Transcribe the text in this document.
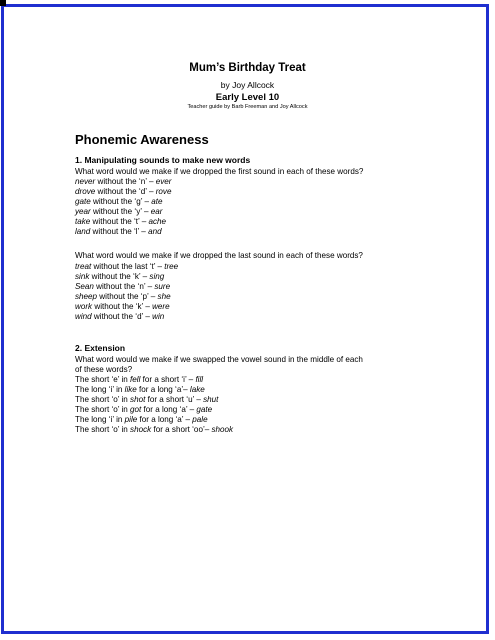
Mum’s Birthday Treat
by Joy Allcock
Early Level 10
Teacher guide by Barb Freeman and Joy Allcock
Phonemic Awareness
1. Manipulating sounds to make new words
What word would we make if we dropped the first sound in each of these words?
never without the ‘n’ – ever
drove without the ‘d’ – rove
gate without the ‘g’ – ate
year without the ‘y’ – ear
take without the ‘t’ – ache
land without the ‘l’ – and
What word would we make if we dropped the last sound in each of these words?
treat without the last ‘t’ – tree
sink without the ‘k’ – sing
Sean without the ‘n’ – sure
sheep without the ‘p’ – she
work without the ‘k’ – were
wind without the ‘d’ – win
2. Extension
What word would we make if we swapped the vowel sound in the middle of each
of these words?
The short ‘e’ in fell for a short ‘i’ – fill
The long ‘i’ in like for a long ‘a’– lake
The short ‘o’ in shot for a short ‘u’ – shut
The short ‘o’ in got for a long ‘a’ – gate
The long ‘i’ in pile for a long ‘a’ – pale
The short ‘o’ in shock for a short ‘oo’– shook
